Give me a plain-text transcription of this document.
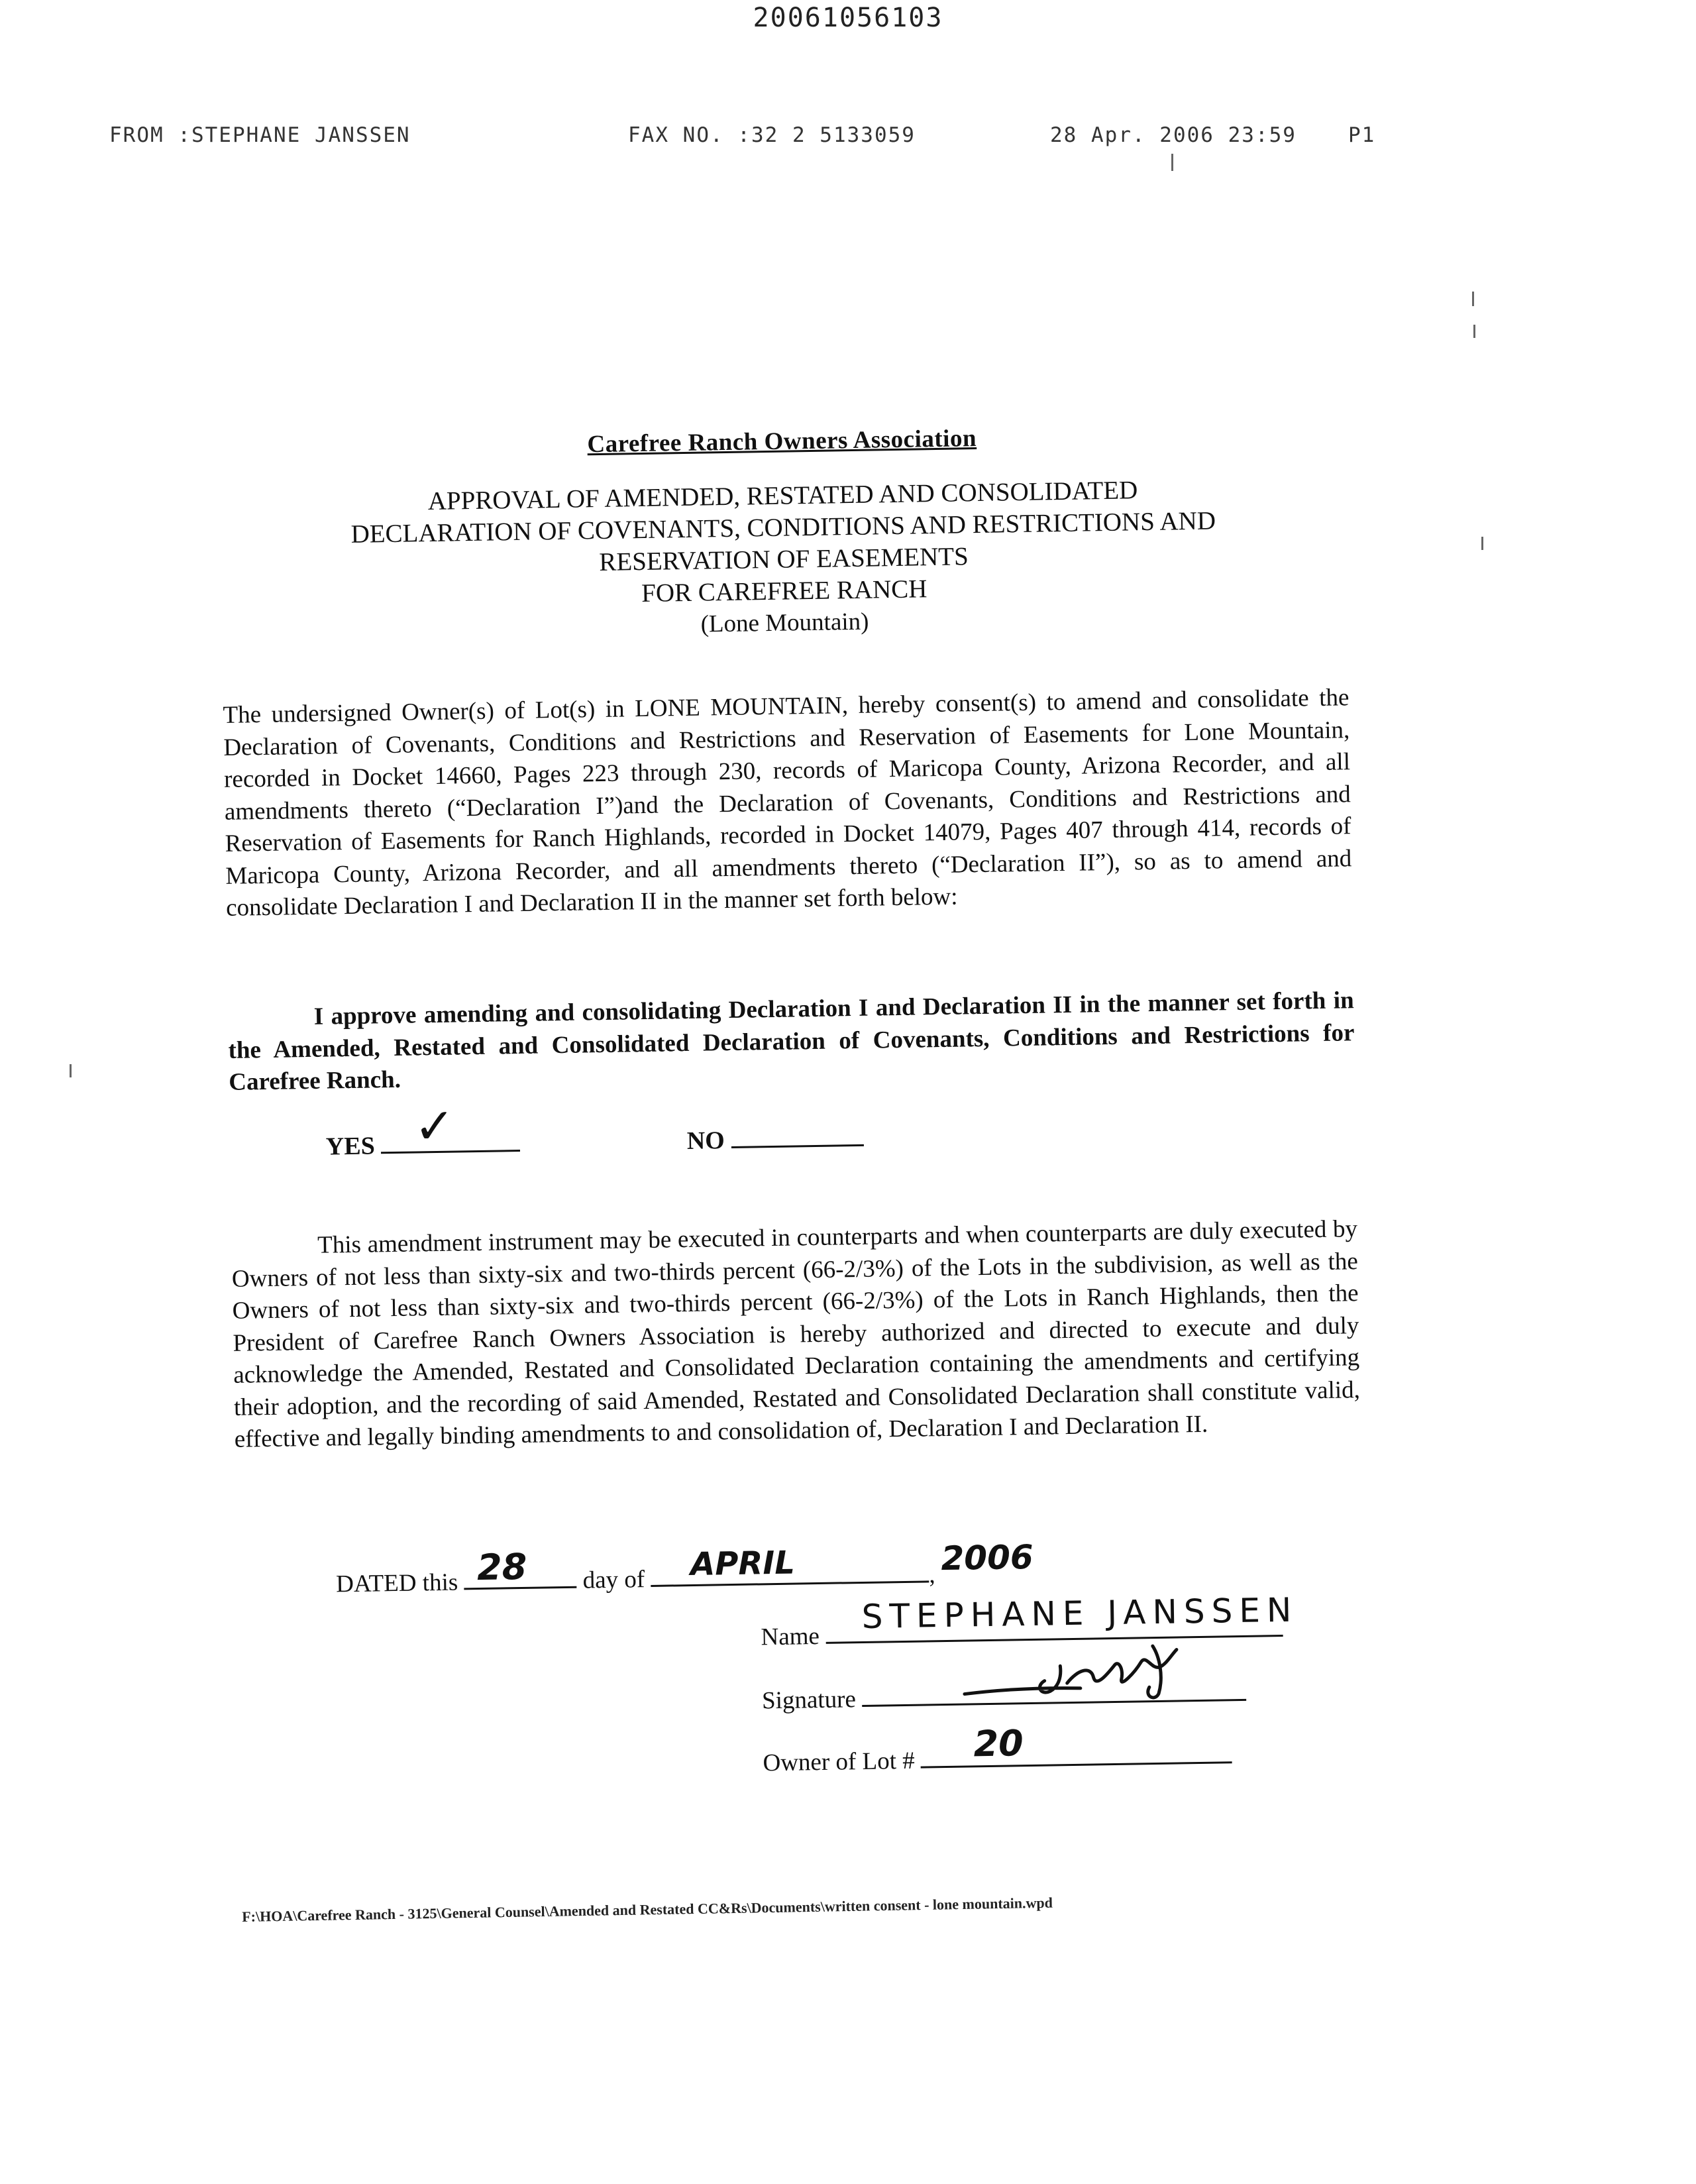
20061056103
FROM :STEPHANE JANSSEN	FAX NO. :32 2 5133059	28 Apr. 2006 23:59	P1
Carefree Ranch Owners Association
APPROVAL OF AMENDED, RESTATED AND CONSOLIDATED
DECLARATION OF COVENANTS, CONDITIONS AND RESTRICTIONS AND
RESERVATION OF EASEMENTS
FOR CAREFREE RANCH
(Lone Mountain)
The undersigned Owner(s) of Lot(s) in LONE MOUNTAIN, hereby consent(s) to amend and consolidate the Declaration of Covenants, Conditions and Restrictions and Reservation of Easements for Lone Mountain, recorded in Docket 14660, Pages 223 through 230, records of Maricopa County, Arizona Recorder, and all amendments thereto (“Declaration I”)and the Declaration of Covenants, Conditions and Restrictions and Reservation of Easements for Ranch Highlands, recorded in Docket 14079, Pages 407 through 414, records of Maricopa County, Arizona Recorder, and all amendments thereto (“Declaration II”), so as to amend and consolidate Declaration I and Declaration II in the manner set forth below:
I approve amending and consolidating Declaration I and Declaration II in the manner set forth in the Amended, Restated and Consolidated Declaration of Covenants, Conditions and Restrictions for Carefree Ranch.
YES ✓	NO
This amendment instrument may be executed in counterparts and when counterparts are duly executed by Owners of not less than sixty-six and two-thirds percent (66-2/3%) of the Lots in the subdivision, as well as the Owners of not less than sixty-six and two-thirds percent (66-2/3%) of the Lots in Ranch Highlands, then the President of Carefree Ranch Owners Association is hereby authorized and directed to execute and duly acknowledge the Amended, Restated and Consolidated Declaration containing the amendments and certifying their adoption, and the recording of said Amended, Restated and Consolidated Declaration shall constitute valid, effective and legally binding amendments to and consolidation of, Declaration I and Declaration II.
DATED this 28 day of APRIL	,
2006
Name
STEPHANE JANSSEN
Signature
Owner of Lot # 20
F:\HOA\Carefree Ranch - 3125\General Counsel\Amended and Restated CC&Rs\Documents\written consent - lone mountain.wpd
